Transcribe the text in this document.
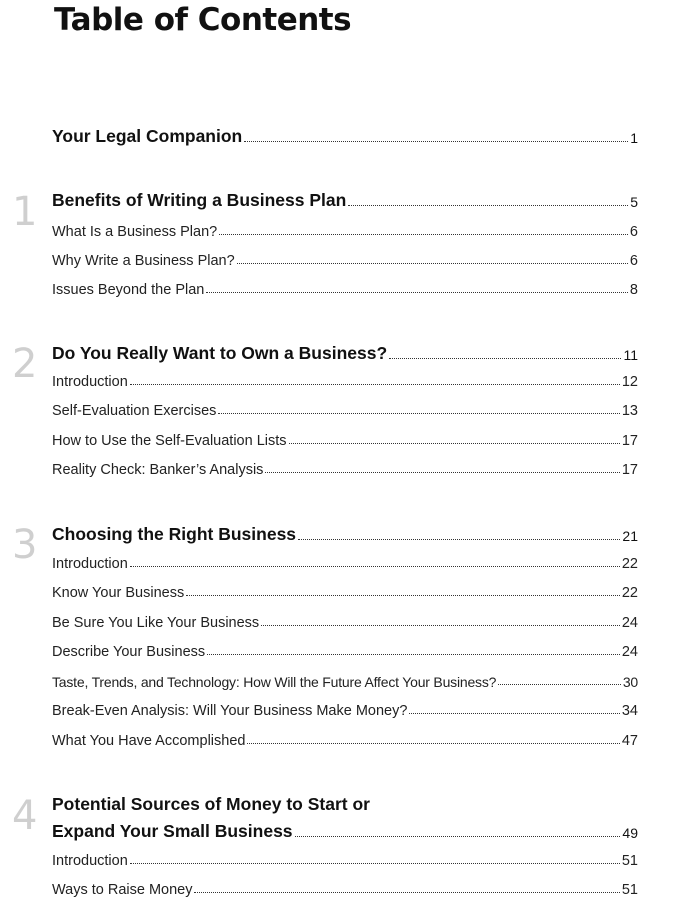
Table of Contents
Your Legal Companion	1
1 Benefits of Writing a Business Plan	5
What Is a Business Plan?	6
Why Write a Business Plan?	6
Issues Beyond the Plan	8
2 Do You Really Want to Own a Business?	11
Introduction	12
Self-Evaluation Exercises	13
How to Use the Self-Evaluation Lists	17
Reality Check: Banker’s Analysis	17
3 Choosing the Right Business	21
Introduction	22
Know Your Business	22
Be Sure You Like Your Business	24
Describe Your Business	24
Taste, Trends, and Technology: How Will the Future Affect Your Business?	30
Break-Even Analysis: Will Your Business Make Money?	34
What You Have Accomplished	47
4 Potential Sources of Money to Start or
Expand Your Small Business	49
Introduction	51
Ways to Raise Money	51
